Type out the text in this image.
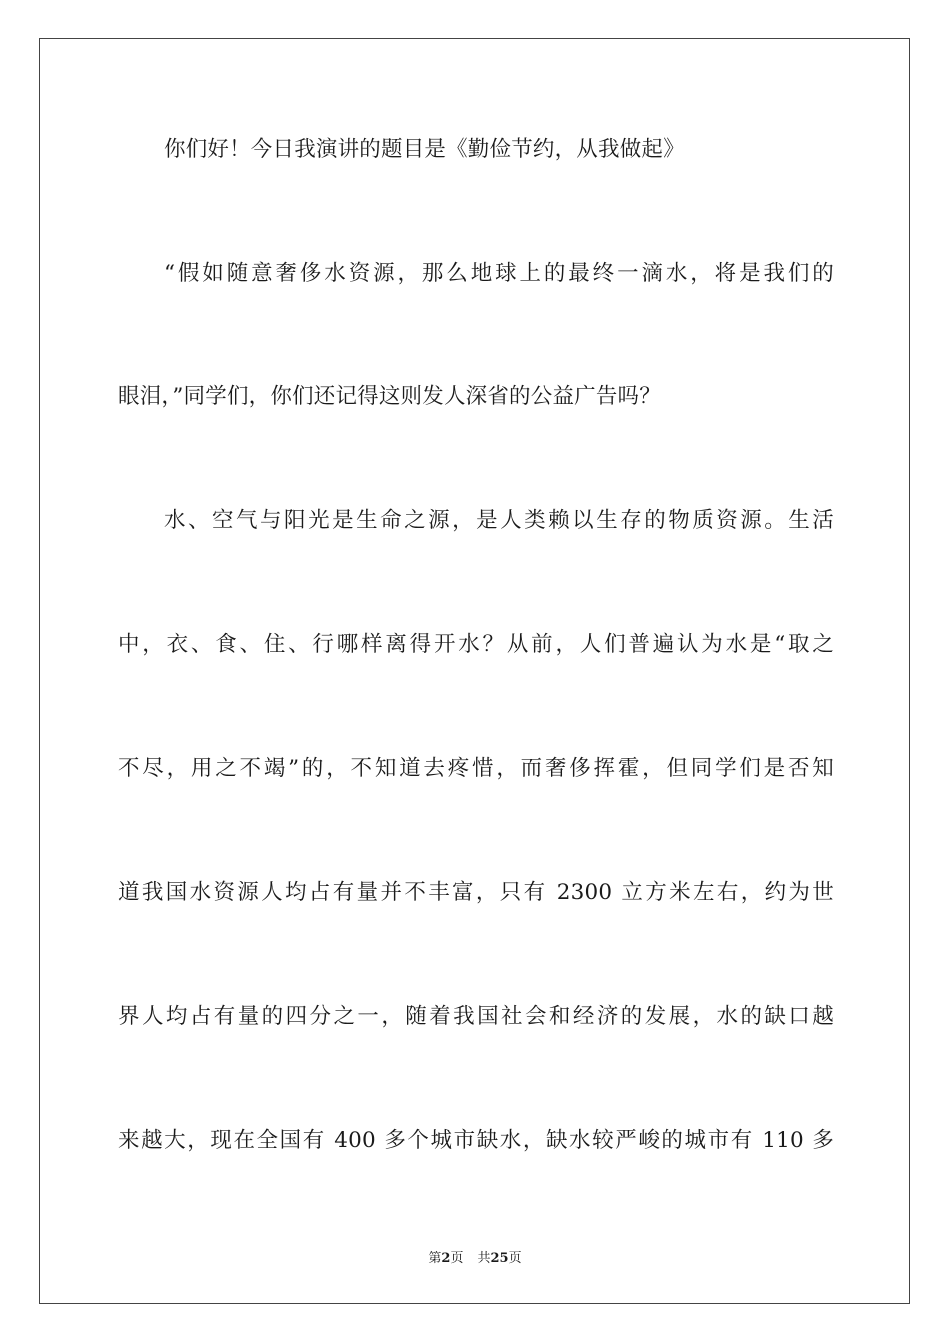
你们好！今日我演讲的题目是《勤俭节约，从我做起》

“假如随意奢侈水资源，那么地球上的最终一滴水，将是我们的

眼泪，”同学们，你们还记得这则发人深省的公益广告吗？

水、空气与阳光是生命之源，是人类赖以生存的物质资源。生活

中，衣、食、住、行哪样离得开水？从前，人们普遍认为水是“取之

不尽，用之不竭”的，不知道去疼惜，而奢侈挥霍，但同学们是否知

道我国水资源人均占有量并不丰富，只有 2300 立方米左右，约为世

界人均占有量的四分之一，随着我国社会和经济的发展，水的缺口越

来越大，现在全国有 400 多个城市缺水，缺水较严峻的城市有 110 多

第2页 共25页
